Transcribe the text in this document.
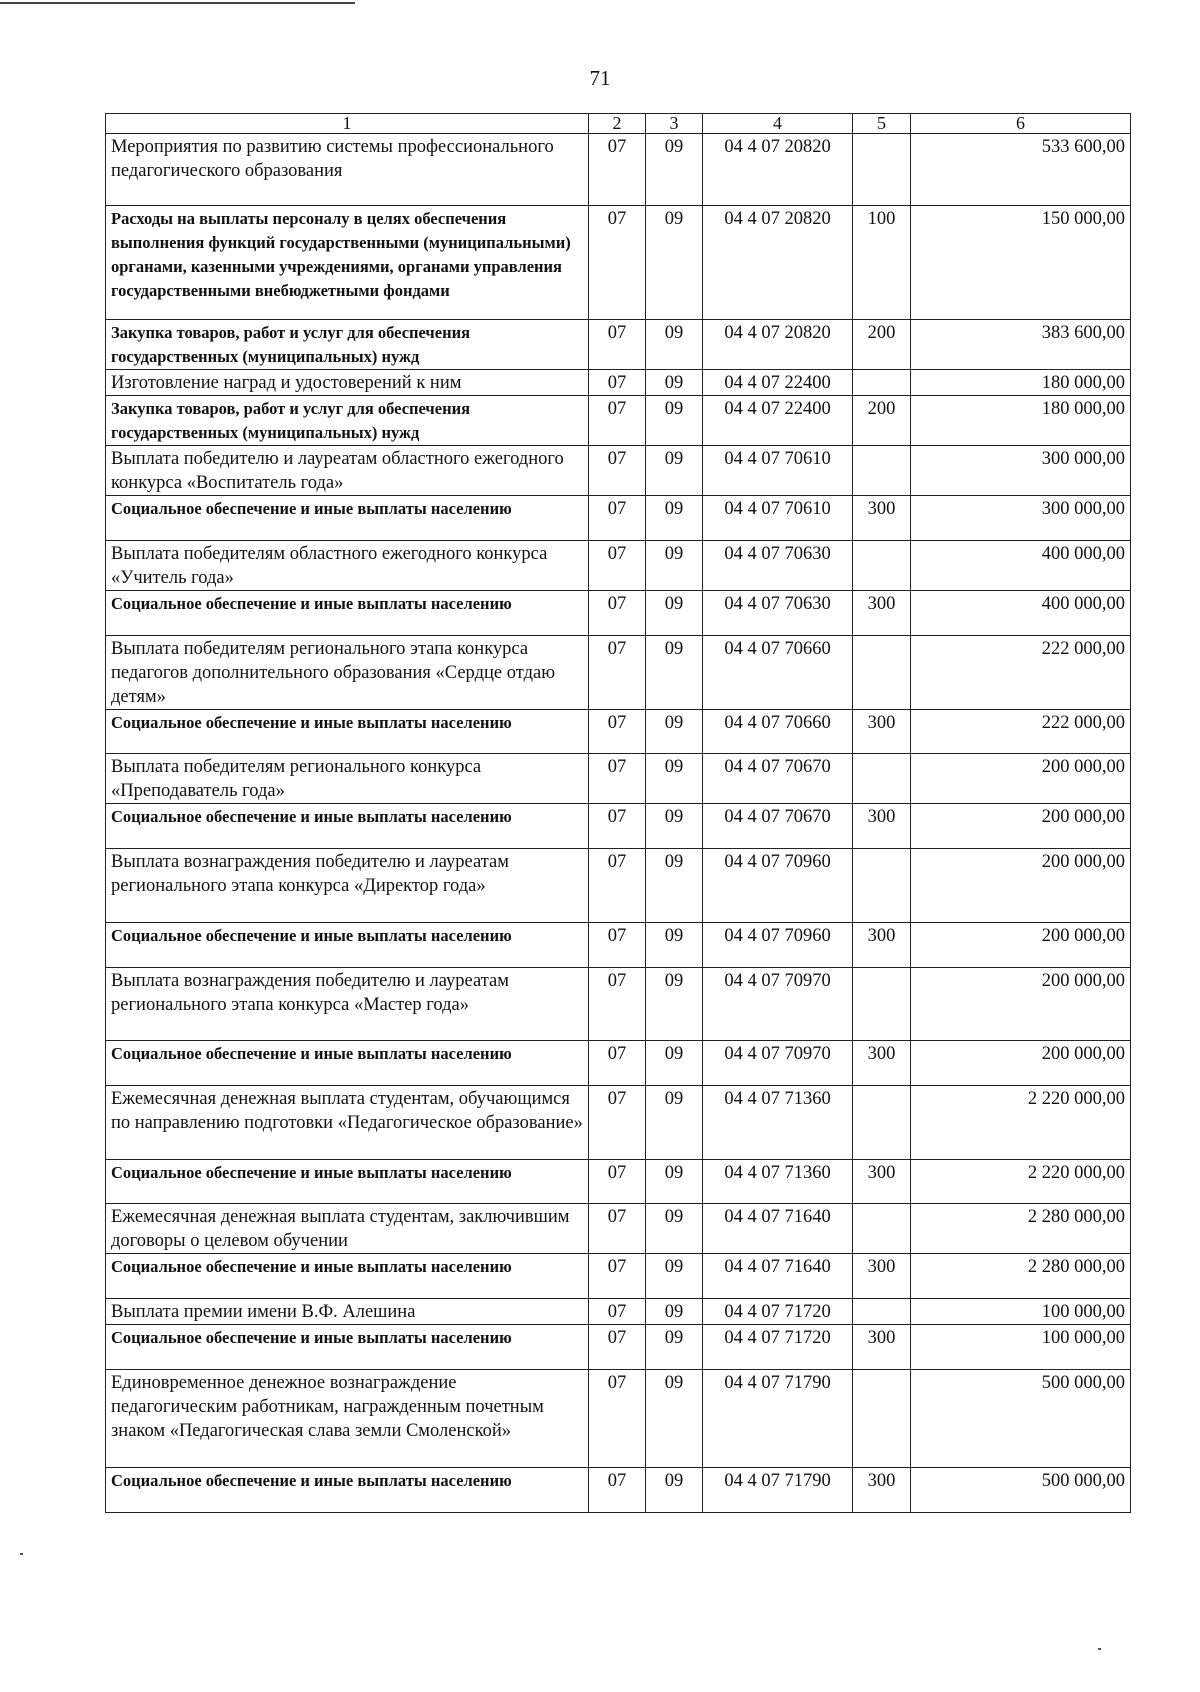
71
1	2	3	4	5	6
Мероприятия по развитию системы профессионального педагогического образования	07	09	04 4 07 20820		533 600,00
Расходы на выплаты персоналу в целях обеспечения выполнения функций государственными (муниципальными) органами, казенными учреждениями, органами управления государственными внебюджетными фондами	07	09	04 4 07 20820	100	150 000,00
Закупка товаров, работ и услуг для обеспечения государственных (муниципальных) нужд	07	09	04 4 07 20820	200	383 600,00
Изготовление наград и удостоверений к ним	07	09	04 4 07 22400		180 000,00
Закупка товаров, работ и услуг для обеспечения государственных (муниципальных) нужд	07	09	04 4 07 22400	200	180 000,00
Выплата победителю и лауреатам областного ежегодного конкурса «Воспитатель года»	07	09	04 4 07 70610		300 000,00
Социальное обеспечение и иные выплаты населению	07	09	04 4 07 70610	300	300 000,00
Выплата победителям областного ежегодного конкурса «Учитель года»	07	09	04 4 07 70630		400 000,00
Социальное обеспечение и иные выплаты населению	07	09	04 4 07 70630	300	400 000,00
Выплата победителям регионального этапа конкурса педагогов дополнительного образования «Сердце отдаю детям»	07	09	04 4 07 70660		222 000,00
Социальное обеспечение и иные выплаты населению	07	09	04 4 07 70660	300	222 000,00
Выплата победителям регионального конкурса «Преподаватель года»	07	09	04 4 07 70670		200 000,00
Социальное обеспечение и иные выплаты населению	07	09	04 4 07 70670	300	200 000,00
Выплата вознаграждения победителю и лауреатам регионального этапа конкурса «Директор года»	07	09	04 4 07 70960		200 000,00
Социальное обеспечение и иные выплаты населению	07	09	04 4 07 70960	300	200 000,00
Выплата вознаграждения победителю и лауреатам регионального этапа конкурса «Мастер года»	07	09	04 4 07 70970		200 000,00
Социальное обеспечение и иные выплаты населению	07	09	04 4 07 70970	300	200 000,00
Ежемесячная денежная выплата студентам, обучающимся по направлению подготовки «Педагогическое образование»	07	09	04 4 07 71360		2 220 000,00
Социальное обеспечение и иные выплаты населению	07	09	04 4 07 71360	300	2 220 000,00
Ежемесячная денежная выплата студентам, заключившим договоры о целевом обучении	07	09	04 4 07 71640		2 280 000,00
Социальное обеспечение и иные выплаты населению	07	09	04 4 07 71640	300	2 280 000,00
Выплата премии имени В.Ф. Алешина	07	09	04 4 07 71720		100 000,00
Социальное обеспечение и иные выплаты населению	07	09	04 4 07 71720	300	100 000,00
Единовременное денежное вознаграждение педагогическим работникам, награжденным почетным знаком «Педагогическая слава земли Смоленской»	07	09	04 4 07 71790		500 000,00
Социальное обеспечение и иные выплаты населению	07	09	04 4 07 71790	300	500 000,00
